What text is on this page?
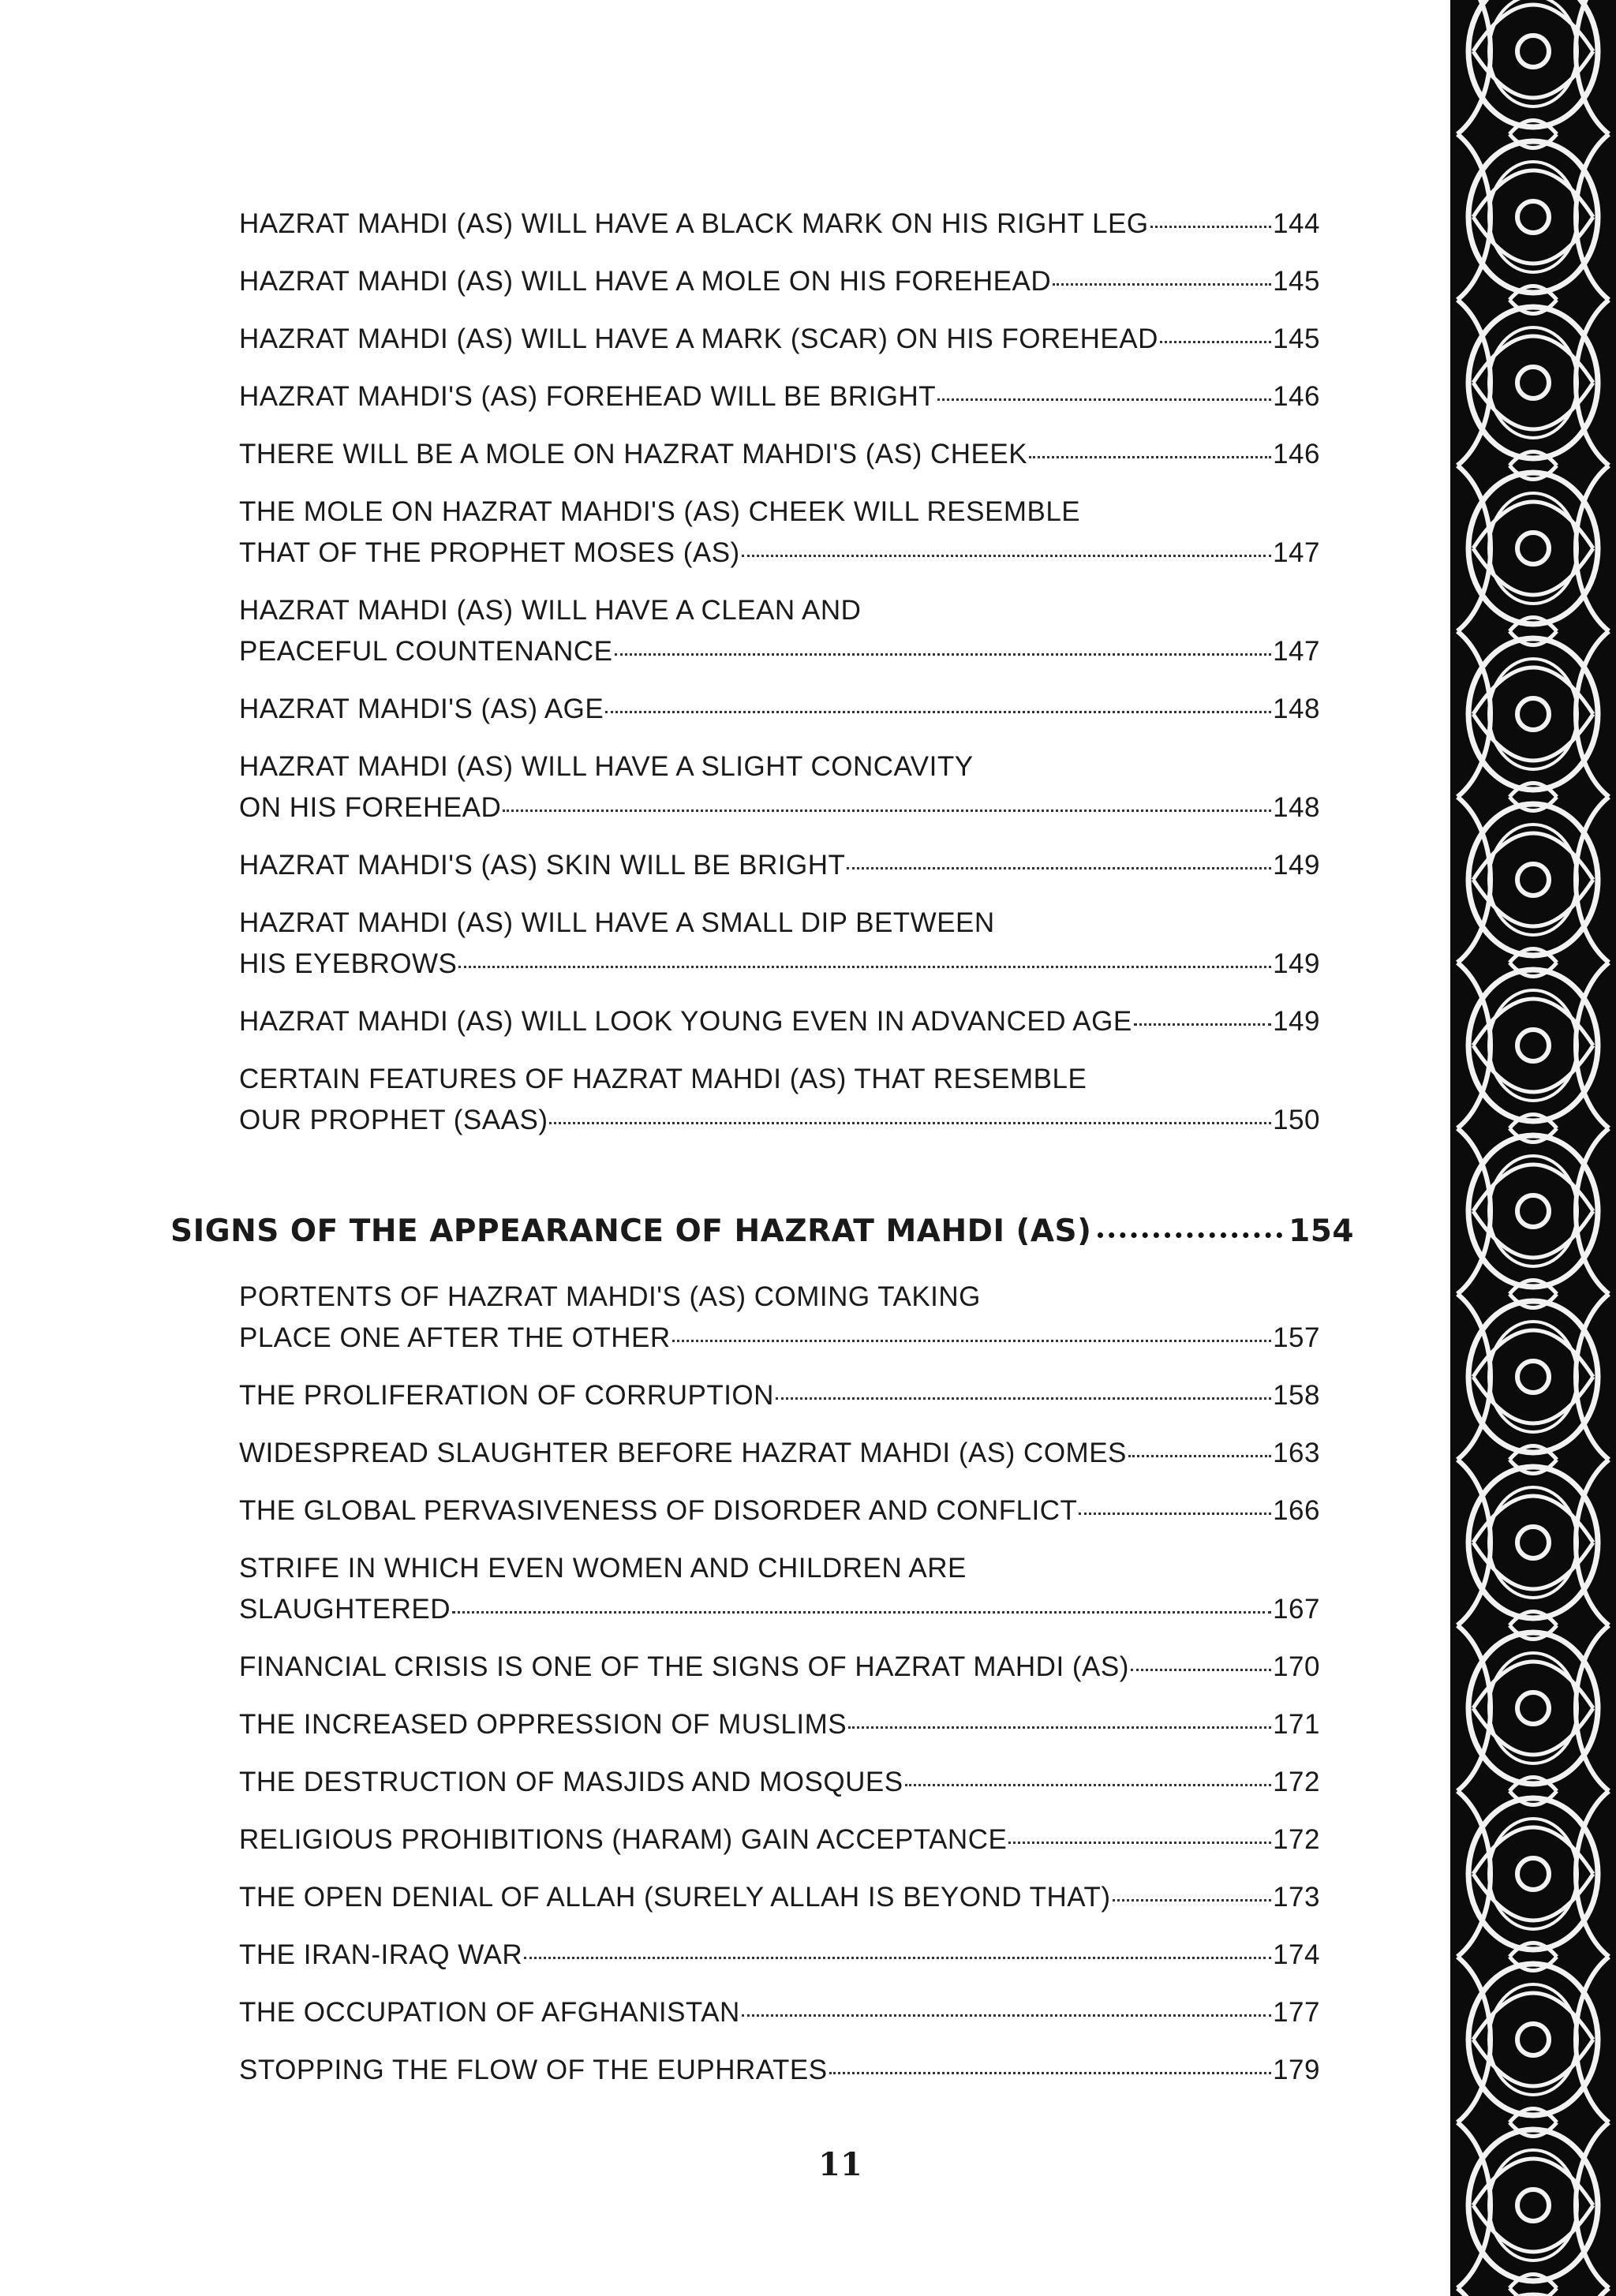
HAZRAT MAHDI (AS) WILL HAVE A BLACK MARK ON HIS RIGHT LEG	144
HAZRAT MAHDI (AS) WILL HAVE A MOLE ON HIS FOREHEAD	145
HAZRAT MAHDI (AS) WILL HAVE A MARK (SCAR) ON HIS FOREHEAD	145
HAZRAT MAHDI'S (AS) FOREHEAD WILL BE BRIGHT	146
THERE WILL BE A MOLE ON HAZRAT MAHDI'S (AS) CHEEK	146
THE MOLE ON HAZRAT MAHDI'S (AS) CHEEK WILL RESEMBLE
THAT OF THE PROPHET MOSES (AS)	147
HAZRAT MAHDI (AS) WILL HAVE A CLEAN AND
PEACEFUL COUNTENANCE	147
HAZRAT MAHDI'S (AS) AGE	148
HAZRAT MAHDI (AS) WILL HAVE A SLIGHT CONCAVITY
ON HIS FOREHEAD	148
HAZRAT MAHDI'S (AS) SKIN WILL BE BRIGHT	149
HAZRAT MAHDI (AS) WILL HAVE A SMALL DIP BETWEEN
HIS EYEBROWS	149
HAZRAT MAHDI (AS) WILL LOOK YOUNG EVEN IN ADVANCED AGE	149
CERTAIN FEATURES OF HAZRAT MAHDI (AS) THAT RESEMBLE
OUR PROPHET (SAAS)	150
SIGNS OF THE APPEARANCE OF HAZRAT MAHDI (AS)	154
PORTENTS OF HAZRAT MAHDI'S (AS) COMING TAKING
PLACE ONE AFTER THE OTHER	157
THE PROLIFERATION OF CORRUPTION	158
WIDESPREAD SLAUGHTER BEFORE HAZRAT MAHDI (AS) COMES	163
THE GLOBAL PERVASIVENESS OF DISORDER AND CONFLICT	166
STRIFE IN WHICH EVEN WOMEN AND CHILDREN ARE
SLAUGHTERED	167
FINANCIAL CRISIS IS ONE OF THE SIGNS OF HAZRAT MAHDI (AS)	170
THE INCREASED OPPRESSION OF MUSLIMS	171
THE DESTRUCTION OF MASJIDS AND MOSQUES	172
RELIGIOUS PROHIBITIONS (HARAM) GAIN ACCEPTANCE	172
THE OPEN DENIAL OF ALLAH (SURELY ALLAH IS BEYOND THAT)	173
THE IRAN-IRAQ WAR	174
THE OCCUPATION OF AFGHANISTAN	177
STOPPING THE FLOW OF THE EUPHRATES	179
11
